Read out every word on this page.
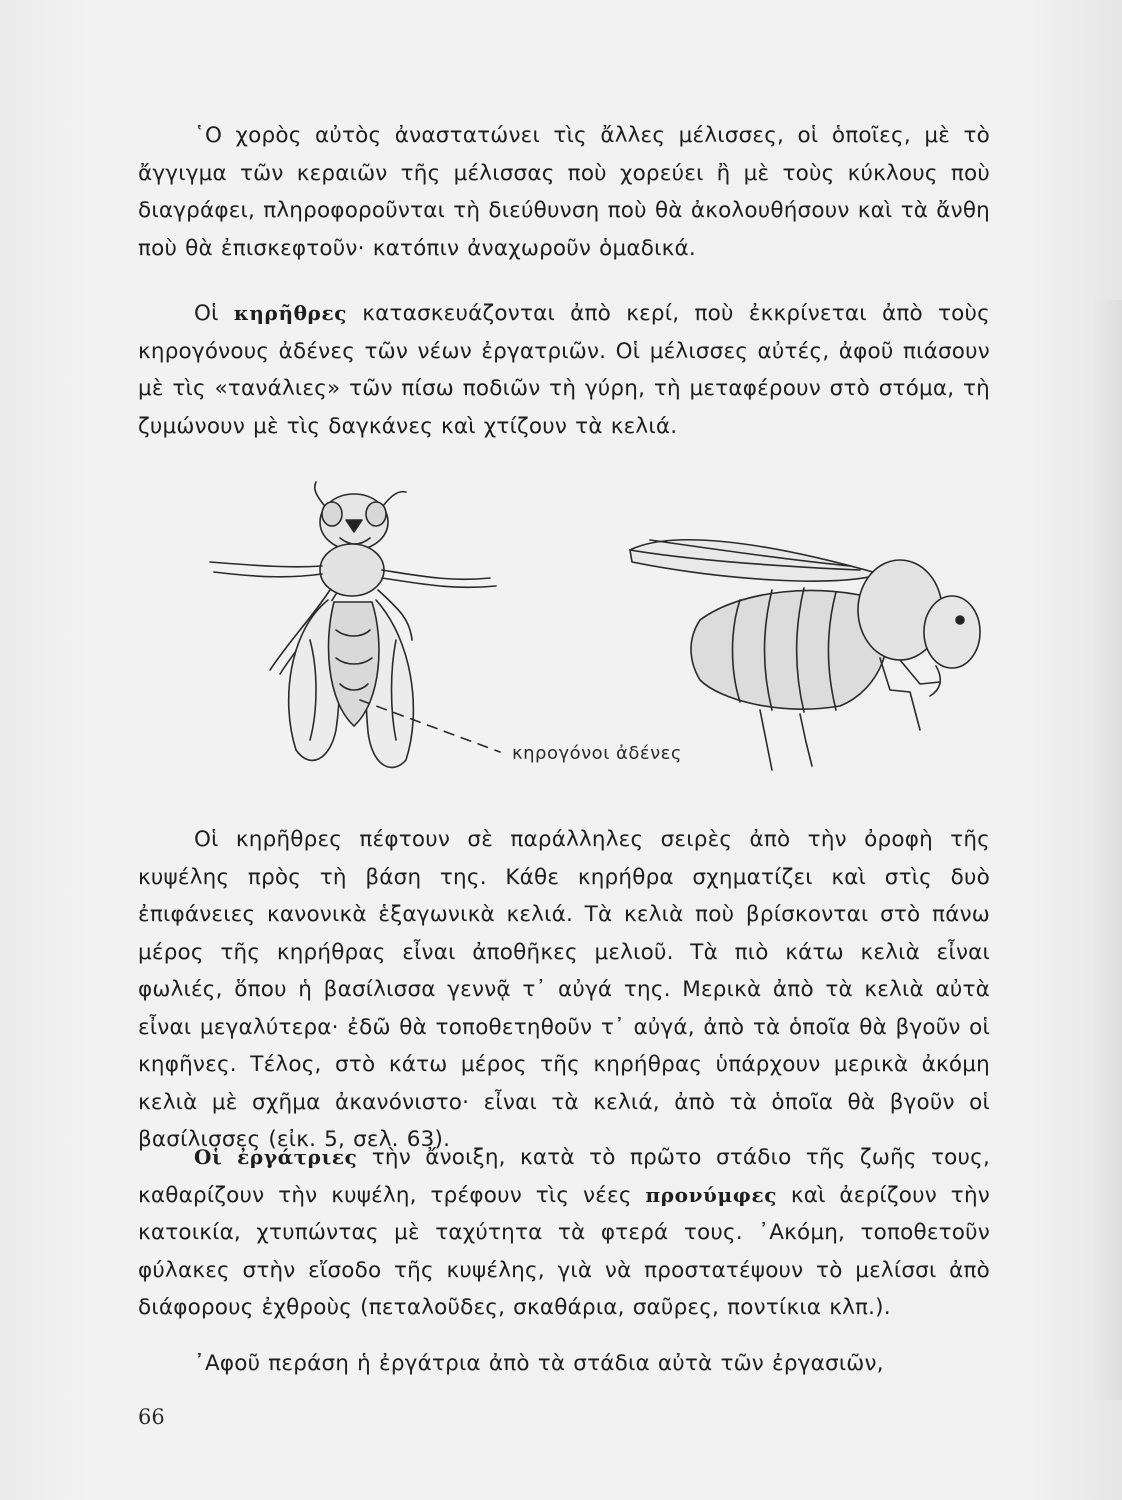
῾Ο χορὸς αὐτὸς ἀναστατώνει τὶς ἄλλες μέλισσες, οἱ ὁποῖες, μὲ τὸ ἄγγιγμα τῶν κεραιῶν τῆς μέλισσας ποὺ χορεύει ἢ μὲ τοὺς κύκλους ποὺ διαγράφει, πληροφοροῦνται τὴ διεύθυνση ποὺ θὰ ἀκολουθήσουν καὶ τὰ ἄνθη ποὺ θὰ ἐπισκεφτοῦν· κατόπιν ἀναχωροῦν ὁμαδικά.

Οἱ κηρῆθρες κατασκευάζονται ἀπὸ κερί, ποὺ ἐκκρίνεται ἀπὸ τοὺς κηρογόνους ἀδένες τῶν νέων ἐργατριῶν. Οἱ μέλισσες αὐτές, ἀφοῦ πιάσουν μὲ τὶς «τανάλιες» τῶν πίσω ποδιῶν τὴ γύρη, τὴ μεταφέρουν στὸ στόμα, τὴ ζυμώνουν μὲ τὶς δαγκάνες καὶ χτίζουν τὰ κελιά.

κηρογόνοι ἀδένες

Οἱ κηρῆθρες πέφτουν σὲ παράλληλες σειρὲς ἀπὸ τὴν ὀροφὴ τῆς κυψέλης πρὸς τὴ βάση της. Κάθε κηρήθρα σχηματίζει καὶ στὶς δυὸ ἐπιφάνειες κανονικὰ ἑξαγωνικὰ κελιά. Τὰ κελιὰ ποὺ βρίσκονται στὸ πάνω μέρος τῆς κηρήθρας εἶναι ἀποθῆκες μελιοῦ. Τὰ πιὸ κάτω κελιὰ εἶναι φωλιές, ὅπου ἡ βασίλισσα γεννᾷ τ᾽ αὐγά της. Μερικὰ ἀπὸ τὰ κελιὰ αὐτὰ εἶναι μεγαλύτερα· ἐδῶ θὰ τοποθετηθοῦν τ᾽ αὐγά, ἀπὸ τὰ ὁποῖα θὰ βγοῦν οἱ κηφῆνες. Τέλος, στὸ κάτω μέρος τῆς κηρήθρας ὑπάρχουν μερικὰ ἀκόμη κελιὰ μὲ σχῆμα ἀκανόνιστο· εἶναι τὰ κελιά, ἀπὸ τὰ ὁποῖα θὰ βγοῦν οἱ βασίλισσες (εἰκ. 5, σελ. 63).

Οἱ ἐργάτριες τὴν ἄνοιξη, κατὰ τὸ πρῶτο στάδιο τῆς ζωῆς τους, καθαρίζουν τὴν κυψέλη, τρέφουν τὶς νέες προνύμφες καὶ ἀερίζουν τὴν κατοικία, χτυπώντας μὲ ταχύτητα τὰ φτερά τους. ᾿Ακόμη, τοποθετοῦν φύλακες στὴν εἴσοδο τῆς κυψέλης, γιὰ νὰ προστατέψουν τὸ μελίσσι ἀπὸ διάφορους ἐχθροὺς (πεταλοῦδες, σκαθάρια, σαῦρες, ποντίκια κλπ.).

᾿Αφοῦ περάση ἡ ἐργάτρια ἀπὸ τὰ στάδια αὐτὰ τῶν ἐργασιῶν,

66
